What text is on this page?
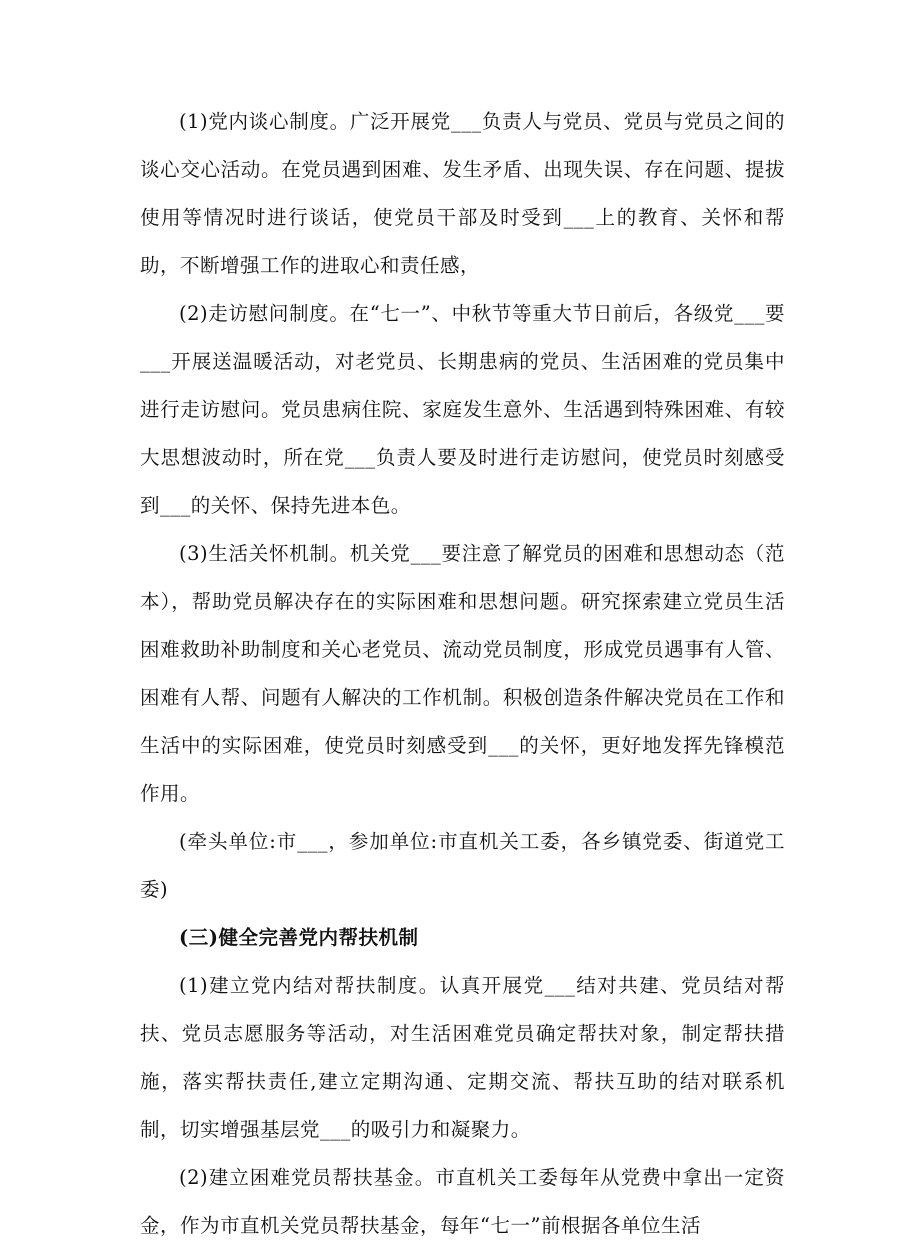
(1)党内谈心制度。广泛开展党___负责人与党员、党员与党员之间的谈心交心活动。在党员遇到困难、发生矛盾、出现失误、存在问题、提拔使用等情况时进行谈话，使党员干部及时受到___上的教育、关怀和帮助，不断增强工作的进取心和责任感，

(2)走访慰问制度。在“七一”、中秋节等重大节日前后，各级党___要___开展送温暖活动，对老党员、长期患病的党员、生活困难的党员集中进行走访慰问。党员患病住院、家庭发生意外、生活遇到特殊困难、有较大思想波动时，所在党___负责人要及时进行走访慰问，使党员时刻感受到___的关怀、保持先进本色。

(3)生活关怀机制。机关党___要注意了解党员的困难和思想动态（范本），帮助党员解决存在的实际困难和思想问题。研究探索建立党员生活困难救助补助制度和关心老党员、流动党员制度，形成党员遇事有人管、困难有人帮、问题有人解决的工作机制。积极创造条件解决党员在工作和生活中的实际困难，使党员时刻感受到___的关怀，更好地发挥先锋模范作用。

(牵头单位:市___，参加单位:市直机关工委，各乡镇党委、街道党工委)

(三)健全完善党内帮扶机制

(1)建立党内结对帮扶制度。认真开展党___结对共建、党员结对帮扶、党员志愿服务等活动，对生活困难党员确定帮扶对象，制定帮扶措施，落实帮扶责任,建立定期沟通、定期交流、帮扶互助的结对联系机制，切实增强基层党___的吸引力和凝聚力。

(2)建立困难党员帮扶基金。市直机关工委每年从党费中拿出一定资金，作为市直机关党员帮扶基金，每年“七一”前根据各单位生活
